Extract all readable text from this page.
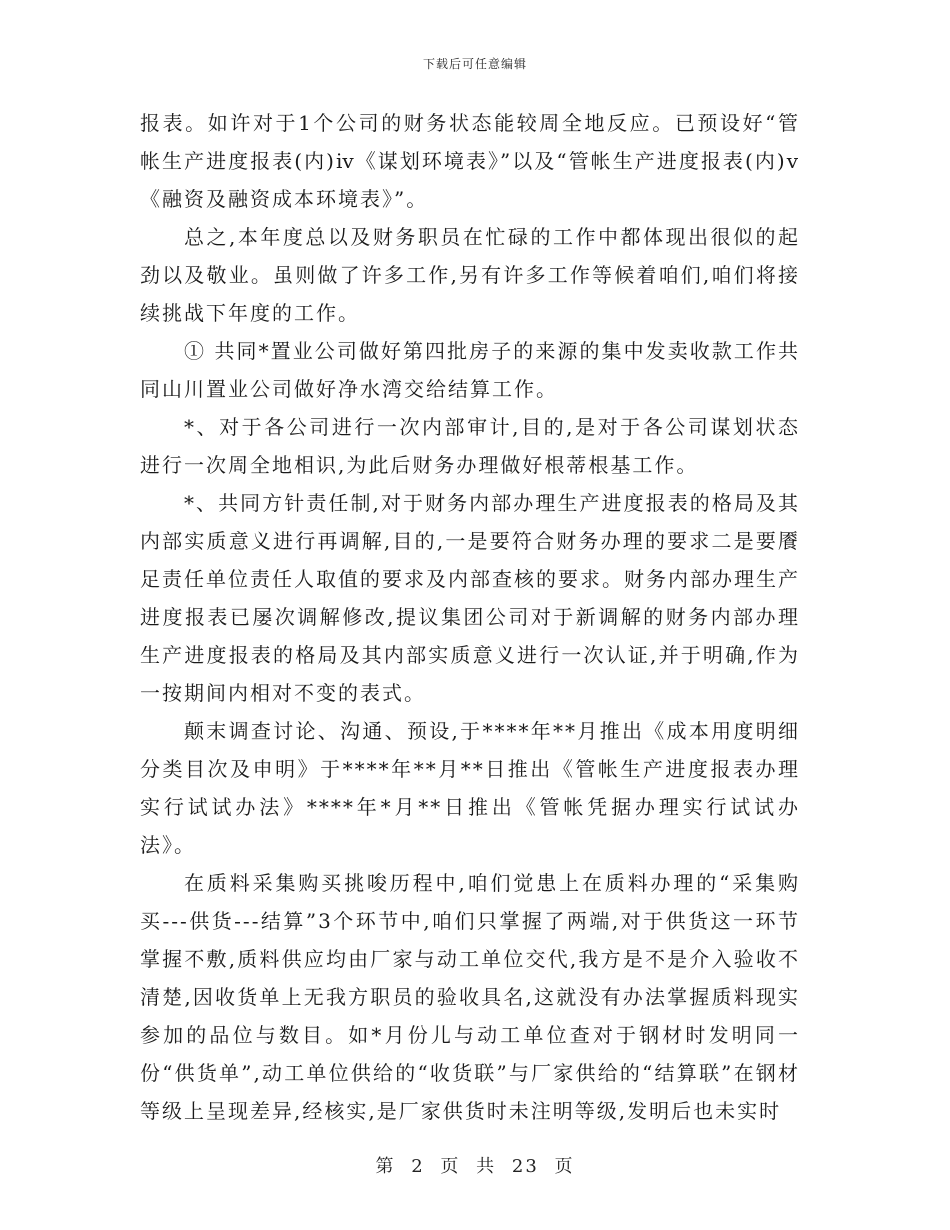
下载后可任意编辑

报表。如许对于1个公司的财务状态能较周全地反应。已预设好“管帐生产进度报表(内)ⅳ《谋划环境表》”以及“管帐生产进度报表(内)ⅴ《融资及融资成本环境表》”。

总之,本年度总以及财务职员在忙碌的工作中都体现出很似的起劲以及敬业。虽则做了许多工作,另有许多工作等候着咱们,咱们将接续挑战下年度的工作。

① 共同*置业公司做好第四批房子的来源的集中发卖收款工作共同山川置业公司做好净水湾交给结算工作。

*、对于各公司进行一次内部审计,目的,是对于各公司谋划状态进行一次周全地相识,为此后财务办理做好根蒂根基工作。

*、共同方针责任制,对于财务内部办理生产进度报表的格局及其内部实质意义进行再调解,目的,一是要符合财务办理的要求二是要餍足责任单位责任人取值的要求及内部查核的要求。财务内部办理生产进度报表已屡次调解修改,提议集团公司对于新调解的财务内部办理生产进度报表的格局及其内部实质意义进行一次认证,并于明确,作为一按期间内相对不变的表式。

颠末调查讨论、沟通、预设,于****年**月推出《成本用度明细分类目次及申明》于****年**月**日推出《管帐生产进度报表办理实行试试办法》****年*月**日推出《管帐凭据办理实行试试办法》。

在质料采集购买挑唆历程中,咱们觉患上在质料办理的“采集购买---供货---结算”3个环节中,咱们只掌握了两端,对于供货这一环节掌握不敷,质料供应均由厂家与动工单位交代,我方是不是介入验收不清楚,因收货单上无我方职员的验收具名,这就没有办法掌握质料现实参加的品位与数目。如*月份儿与动工单位查对于钢材时发明同一份“供货单”,动工单位供给的“收货联”与厂家供给的“结算联”在钢材等级上呈现差异,经核实,是厂家供货时未注明等级,发明后也未实时

第 2 页 共 23 页
